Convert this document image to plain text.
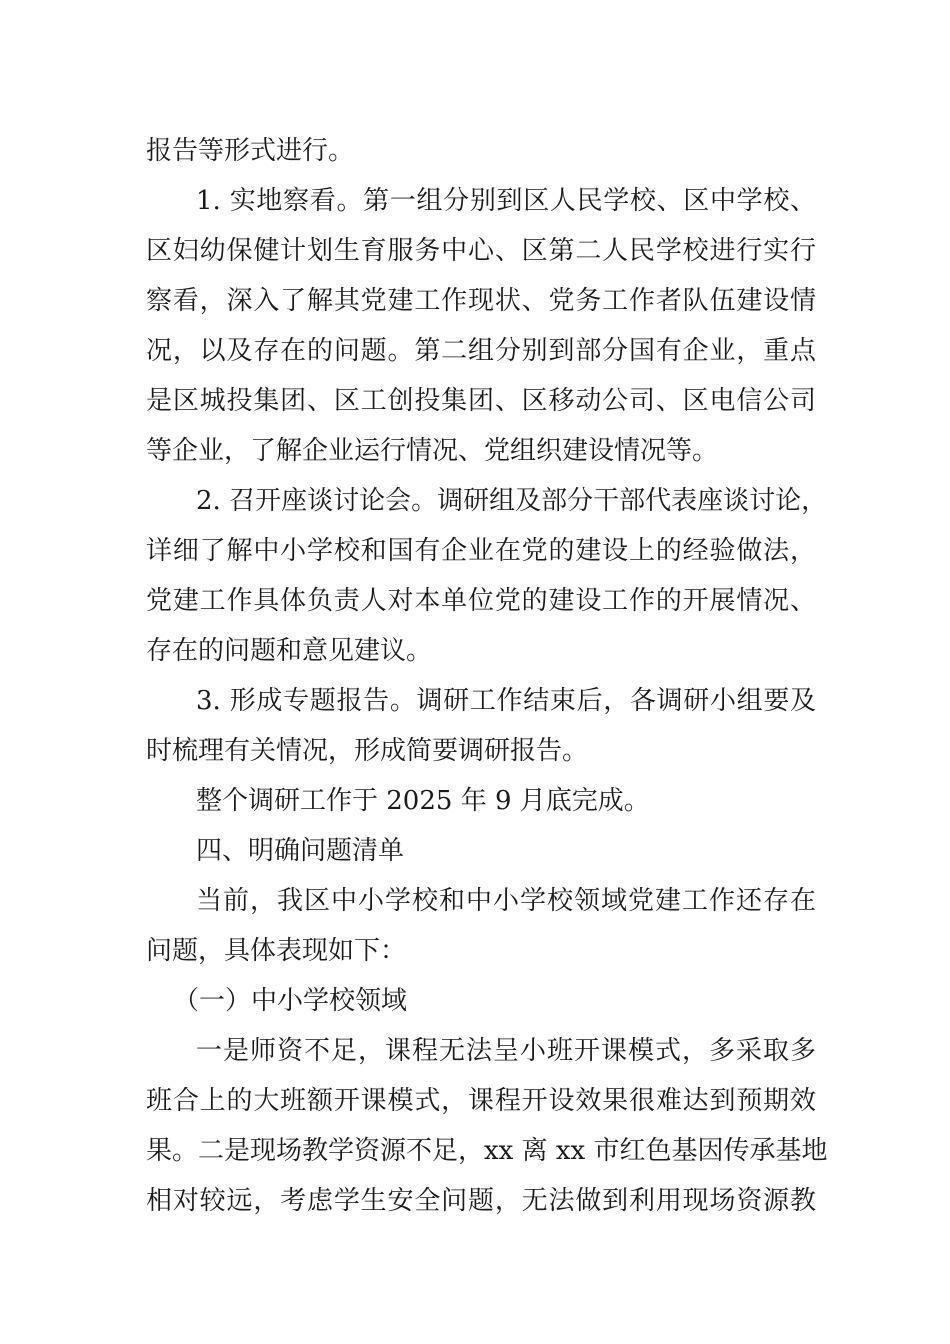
报告等形式进行。
1. 实地察看。第一组分别到区人民学校、区中学校、
区妇幼保健计划生育服务中心、区第二人民学校进行实行
察看，深入了解其党建工作现状、党务工作者队伍建设情
况，以及存在的问题。第二组分别到部分国有企业，重点
是区城投集团、区工创投集团、区移动公司、区电信公司
等企业，了解企业运行情况、党组织建设情况等。
2. 召开座谈讨论会。调研组及部分干部代表座谈讨论，
详细了解中小学校和国有企业在党的建设上的经验做法，
党建工作具体负责人对本单位党的建设工作的开展情况、
存在的问题和意见建议。
3. 形成专题报告。调研工作结束后，各调研小组要及
时梳理有关情况，形成简要调研报告。
整个调研工作于 2025 年 9 月底完成。
四、明确问题清单
当前，我区中小学校和中小学校领域党建工作还存在
问题，具体表现如下：
（一）中小学校领域
一是师资不足，课程无法呈小班开课模式，多采取多
班合上的大班额开课模式，课程开设效果很难达到预期效
果。二是现场教学资源不足，xx 离 xx 市红色基因传承基地
相对较远，考虑学生安全问题，无法做到利用现场资源教
